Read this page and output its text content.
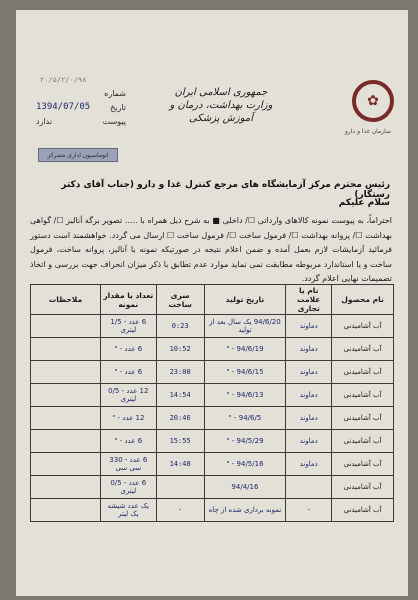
✿
سازمان غذا و دارو
جمهوری اسلامی ایران
وزارت بهداشت، درمان و آموزش پزشکی
۲۰/۵/۲/۰/۹۸
شماره
1394/07/05 تاریخ
ندارد	پیوست
اتوماسیون اداری متمرکز
رئیس محترم مرکز آزمایشگاه های مرجع کنترل غذا و دارو (جناب آقای دکتر رستگار)
سلام علیکم
احتراماً، به پیوست نمونه کالاهای وارداتی ☐/ داخلی ■ به شرح ذیل همراه با ..... تصویر برگه آنالیز ☐/ گواهی بهداشت ☐/ پروانه بهداشت ☐/ فرمول ساخت ☐/ فرمول ساخت ☐ ارسال می گردد. خواهشمند است دستور فرمائید آزمایشات لازم بعمل آمده و ضمن اعلام نتیجه در صورتیکه نمونه با آنالیز، پروانه ساخت، فرمول ساخت و یا استاندارد مربوطه مطابقت نمی نماید موارد عدم تطابق با ذکر میزان انحراف جهت بررسی و اتخاذ تصمیمات نهایی اعلام گردد.
نام محصول	نام یا علامت تجاری	تاریخ تولید	سری ساخت	تعداد یا مقدار نمونه	ملاحظات
آب آشامیدنی	دماوند	94/6/20 یک سال بعد از تولید	0:23	6 عدد - 1/5 لیتری	
آب آشامیدنی	دماوند	94/6/19 - "	10:52	6 عدد - "	
آب آشامیدنی	دماوند	94/6/15 - "	23:08	6 عدد - "	
آب آشامیدنی	دماوند	94/6/13 - "	14:54	12 عدد - 0/5 لیتری	
آب آشامیدنی	دماوند	94/6/5 - "	20:46	12 عدد - "	
آب آشامیدنی	دماوند	94/5/29 - "	15:55	6 عدد - "	
آب آشامیدنی	دماوند	94/5/16 - "	14:48	6 عدد - 330 سی سی	
آب آشامیدنی		94/4/16		6 عدد - 0/5 لیتری	
آب آشامیدنی	-	نمونه برداری شده از چاه	-	یک عدد شیشه یک لیتر	
